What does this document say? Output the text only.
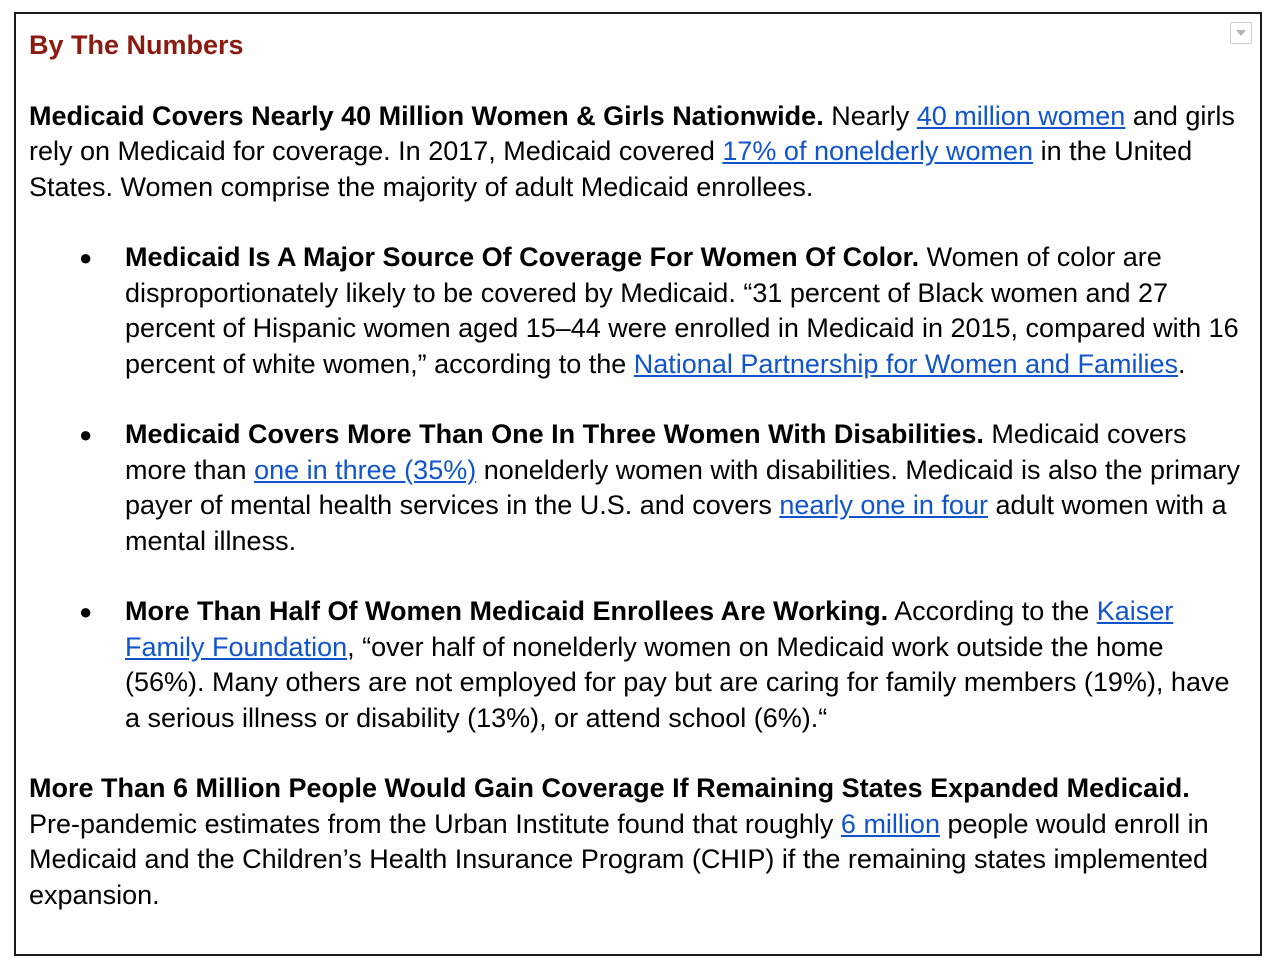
By The Numbers

Medicaid Covers Nearly 40 Million Women & Girls Nationwide. Nearly 40 million women and girls rely on Medicaid for coverage. In 2017, Medicaid covered 17% of nonelderly women in the United States. Women comprise the majority of adult Medicaid enrollees.

● Medicaid Is A Major Source Of Coverage For Women Of Color. Women of color are disproportionately likely to be covered by Medicaid. “31 percent of Black women and 27 percent of Hispanic women aged 15–44 were enrolled in Medicaid in 2015, compared with 16 percent of white women,” according to the National Partnership for Women and Families.
● Medicaid Covers More Than One In Three Women With Disabilities. Medicaid covers more than one in three (35%) nonelderly women with disabilities. Medicaid is also the primary payer of mental health services in the U.S. and covers nearly one in four adult women with a mental illness.
● More Than Half Of Women Medicaid Enrollees Are Working. According to the Kaiser Family Foundation, “over half of nonelderly women on Medicaid work outside the home (56%). Many others are not employed for pay but are caring for family members (19%), have a serious illness or disability (13%), or attend school (6%).“

More Than 6 Million People Would Gain Coverage If Remaining States Expanded Medicaid. Pre-pandemic estimates from the Urban Institute found that roughly 6 million people would enroll in Medicaid and the Children’s Health Insurance Program (CHIP) if the remaining states implemented expansion.
